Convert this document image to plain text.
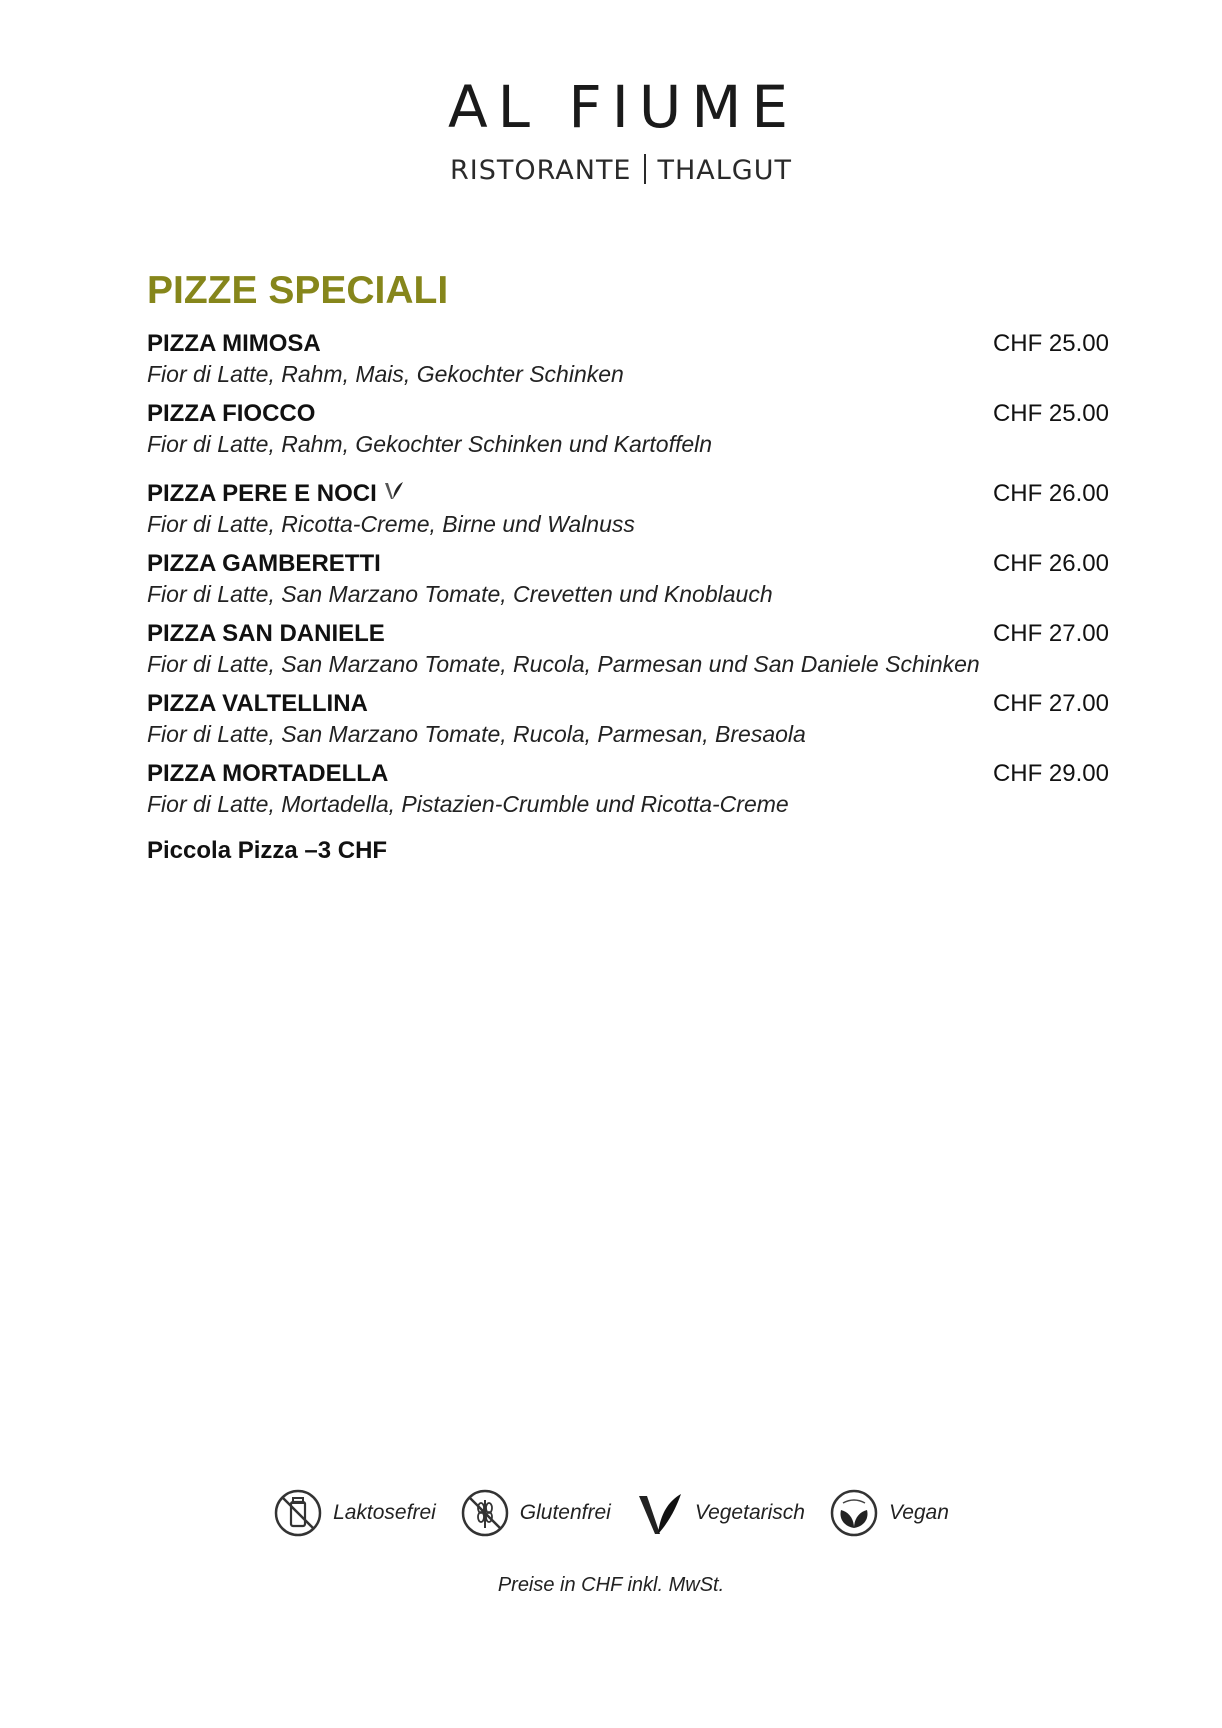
AL FIUME
RISTORANTE THALGUT
PIZZE SPECIALI
PIZZA MIMOSA	CHF 25.00
Fior di Latte, Rahm, Mais, Gekochter Schinken
PIZZA FIOCCO	CHF 25.00
Fior di Latte, Rahm, Gekochter Schinken und Kartoffeln
PIZZA PERE E NOCI	CHF 26.00
Fior di Latte, Ricotta-Creme, Birne und Walnuss
PIZZA GAMBERETTI	CHF 26.00
Fior di Latte, San Marzano Tomate, Crevetten und Knoblauch
PIZZA SAN DANIELE	CHF 27.00
Fior di Latte, San Marzano Tomate, Rucola, Parmesan und San Daniele Schinken
PIZZA VALTELLINA	CHF 27.00
Fior di Latte, San Marzano Tomate, Rucola, Parmesan, Bresaola
PIZZA MORTADELLA	CHF 29.00
Fior di Latte, Mortadella, Pistazien-Crumble und Ricotta-Creme
Piccola Pizza –3 CHF
Laktosefrei	Glutenfrei	Vegetarisch	Vegan
Preise in CHF inkl. MwSt.
